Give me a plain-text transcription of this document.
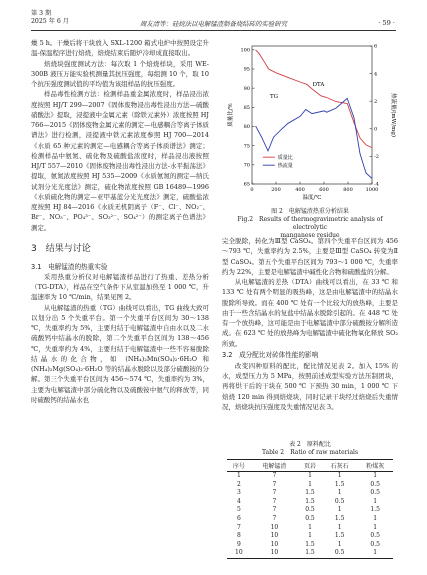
第 3 期
2025 年 6 月	周友清等：硅烷法以电解锰渣制备烧结砖的实验研究	· 59 ·

燥 5 h。干燥后将干块放入 SXL-1200 箱式电炉中按照设定升温-保温程序进行焙烧，焙烧结束后随炉冷却成直接取出。

焙烧块强度测试方法：每次取 1 个焙烧样块，采用 WE-300B 液压万能实验机测量其抗压强度，每组测 10 个，取 10 个抗压强度测试值的平均值为该组样品的抗压强度。

样品毒性检测方法：检测样品重金属浓度时，样品浸出浓度按照 HJ/T 299—2007《固体废物浸出毒性浸出方法—硫酸硝酸法》提取，浸提液中金属元素（除铁元素外）浓度按照 HJ 766—2015《固体废物金属元素的测定—电感耦合等离子体质谱法》进行检测，浸提液中铁元素浓度参照 HJ 700—2014《水质 65 种元素的测定—电感耦合等离子体质谱法》测定；检测样品中氨氮、硫化物及硫酸盐浓度时，样品浸出液按照 HJ/T 557—2010《固体废物浸出毒性浸出方法-水平振荡法》提取，氨氮浓度按照 HJ 535—2009《水质氨氮的测定—纳氏试剂分光光度法》测定，硫化物浓度按照 GB 16489—1996《水质硫化物的测定—亚甲基蓝分光光度法》测定，硫酸盐浓度按照 HJ 84—2016《水质无机阴离子（F⁻、Cl⁻、NO₂⁻、Br⁻、NO₃⁻、PO₄³⁻、SO₃²⁻、SO₄²⁻）的测定离子色谱法》测定。

3　结果与讨论
3.1　电解锰渣的热重实验

采用热重分析仪对电解锰渣样品进行了热重、差热分析（TG-DTA），样品在空气条件下从室温加热至 1 000 ℃，升温速率为 10 ℃/min，结果见图 2。

从电解锰渣的热重（TG）曲线可以看出，TG 曲线大致可以划分出 5 个失重平台。第一个失重平台区间为 30～138 ℃，失重率约为 5%，主要归结于电解锰渣中自由水以及二水硫酸钙中结晶水的脱除，第二个失重平台区间为 138～456 ℃，失重率约为 4%，主要归结于电解锰渣中一些不容易脱除结晶水的化合物，如 (NH₄)₂Mn(SO₄)₂·6H₂O 和 (NH₄)₂Mg(SO₄)₂·6H₂O 等的结晶水脱除以及部分硫酸铵的分解。第三个失重平台区间为 456～574 ℃，失重率约为 3%，主要为电解锰渣中部分硫化物以及硫酸铵中氨气的释放等，同时硫酸钙的结晶水也

0	200	400	600	800	1000
65
70
75
80
85
90
95
100
-4
-2
0
2
4
6
温度/℃
质量比/%	热流量/(mW/mg)
TG
DTA
质量比
热流量
图 2　电解锰渣热重分析结果
Fig.2　Results of thermogravimetric analysis of electrolytic
manganese residue

完全脱除，转化为Ⅲ型 CaSO₄。第四个失重平台区间为 456～793 ℃，失重率约为 2.5%，主要是Ⅲ型 CaSO₄ 转变为Ⅱ型 CaSO₄。第五个失重平台区间为 793～1 000 ℃，失重率约为 22%，主要是电解锰渣中碱性化合物和硫酸盐的分解。

从电解锰渣的差热（DTA）曲线可以看出，在 33 ℃ 和 133 ℃ 处有两个明显的吸热峰，这是由电解锰渣中的结晶水脱除所导致。而在 400 ℃ 处有一个比较大的放热峰，主要是由于一些含结晶水的复盐中结晶水脱除引起的。在 448 ℃ 处有一个放热峰，这可能是由于电解锰渣中部分硫酸铵分解所造成。在 623 ℃ 处的放热峰为电解锰渣中硫化物氧化释放 SO₂ 所致。

3.2　成分配比对砖体性能的影响

改变四种原料的配比，配比情况见表 2。加入 15% 的水，成型压力为 5 MPa，按照前述成型实验方法压制团块，再将烘干后的干块在 500 ℃ 下预热 30 min，1 000 ℃ 下焙烧 120 min 得到焙烧块，同时记录干块经过焙烧后失重情况，焙烧块抗压强度及失重情况见表 3。

表 2　原料配比
Table 2　Ratio of raw materials
序号	电解锰渣	页岩	石灰石	粉煤灰
1	7	1	1	1
2	7	1	1.5	0.5
3	7	1.5	1	0.5
4	7	1.5	0.5	1
5	7	0.5	1	1.5
6	7	0.5	1.5	1
7	10	1	1	1
8	10	1	1.5	0.5
9	10	1.5	1	0.5
10	10	1.5	0.5	1
